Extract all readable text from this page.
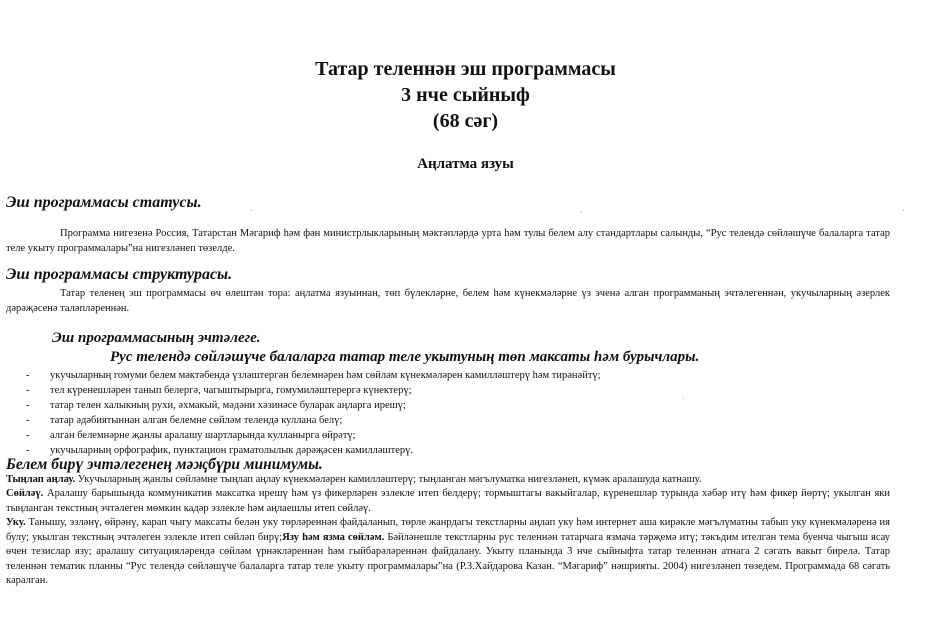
Татар теленнән эш программасы
3 нче сыйныф
(68 сәг)
Аңлатма язуы
Эш программасы статусы.	·	·	·
Программа нигезенә Россия, Татарстан Мәгариф һәм фән министрлыкларының мәктәпләрдә урта һәм тулы белем алу стандартлары салынды, “Рус телендә сөйләшүче балаларга татар теле укыту программалары”на нигезләнеп төзелде.
Эш программасы структурасы.
Татар теленең эш программасы өч өлештән тора: аңлатма язуыннан, төп бүлекләрне, белем һәм күнекмәләрне үз эченә алган программаның эчтәлегеннән, укучыларның әзерлек дәрәҗәсенә таләпләреннән.
Эш программасының эчтәлеге.
Рус телендә сөйләшүче балаларга татар теле укытуның төп максаты һәм бурычлары.
- укучыларның гомуми белем мәктәбендә үзләштергән белемнәрен һәм сөйләм күнекмәләрен камилләштерү һәм тирәнәйтү;
- тел күренешләрен танып белергә, чагыштырырга, гомумиләштерергә күнектерү;
- татар телен халыкның рухи, әхмакый, мәдәни хәзинәсе буларак аңларга ирешү;
- татар әдәбиятыннан алган белемне сөйләм телендә куллана белү;
- алган белемнәрне җанлы аралашу шартларында кулланырга өйрәтү;
- укучыларның орфографик, пунктацион граматолылык дәрәҗәсен камилләштерү.
·
Белем бирү эчтәлегенең мәҗбүри минимумы.
Тыңлап аңлау. Укучыларның җанлы сөйләмне тыңлап аңлау күнекмәләрен камилләштерү; тыңланган мәгълуматка нигезләнеп, күмәк аралашуда катнашу.
Сөйләү. Аралашу барышында коммуникатив максатка ирешү һәм үз фикерләрен эзлекле итеп белдерү; тормыштагы вакыйгалар, күренешләр турында хәбәр итү һәм фикер йөртү; укылган яки тыңланган текстның эчтәлеген мөмкин кадәр эзлекле һәм аңлаешлы итеп сөйләү.
Уку. Танышу, эзләнү, өйрәнү, карап чыгу максаты белән уку төрләреннән файдаланып, төрле жанрдагы текстларны аңлап уку һәм интернет аша кирәкле мәгълүматны табып уку күнекмәләренә ия булу; укылган текстның эчтәлеген эзлекле итеп сөйләп бирү;Язу һәм язма сөйләм. Бәйләнешле текстларны рус теленнән татарчага язмача тәрҗемә итү; тәкъдим ителгән тема буенча чыгыш ясау өчен тезислар язу; аралашу ситуацияләрендә сөйләм үрнәкләреннән һәм гыйбарәләреннән файдалану. Укыту планында 3 нче сыйныфта татар теленнән атнага 2 сәгать вакыт бирелә. Татар теленнән тематик планны “Рус телендә сөйләшүче балаларга татар теле укыту программалары”на (Р.З.Хайдарова Казан. “Мәгариф” нәшрияты. 2004) нигезләнеп төзедем. Программада 68 сәгать каралган.
